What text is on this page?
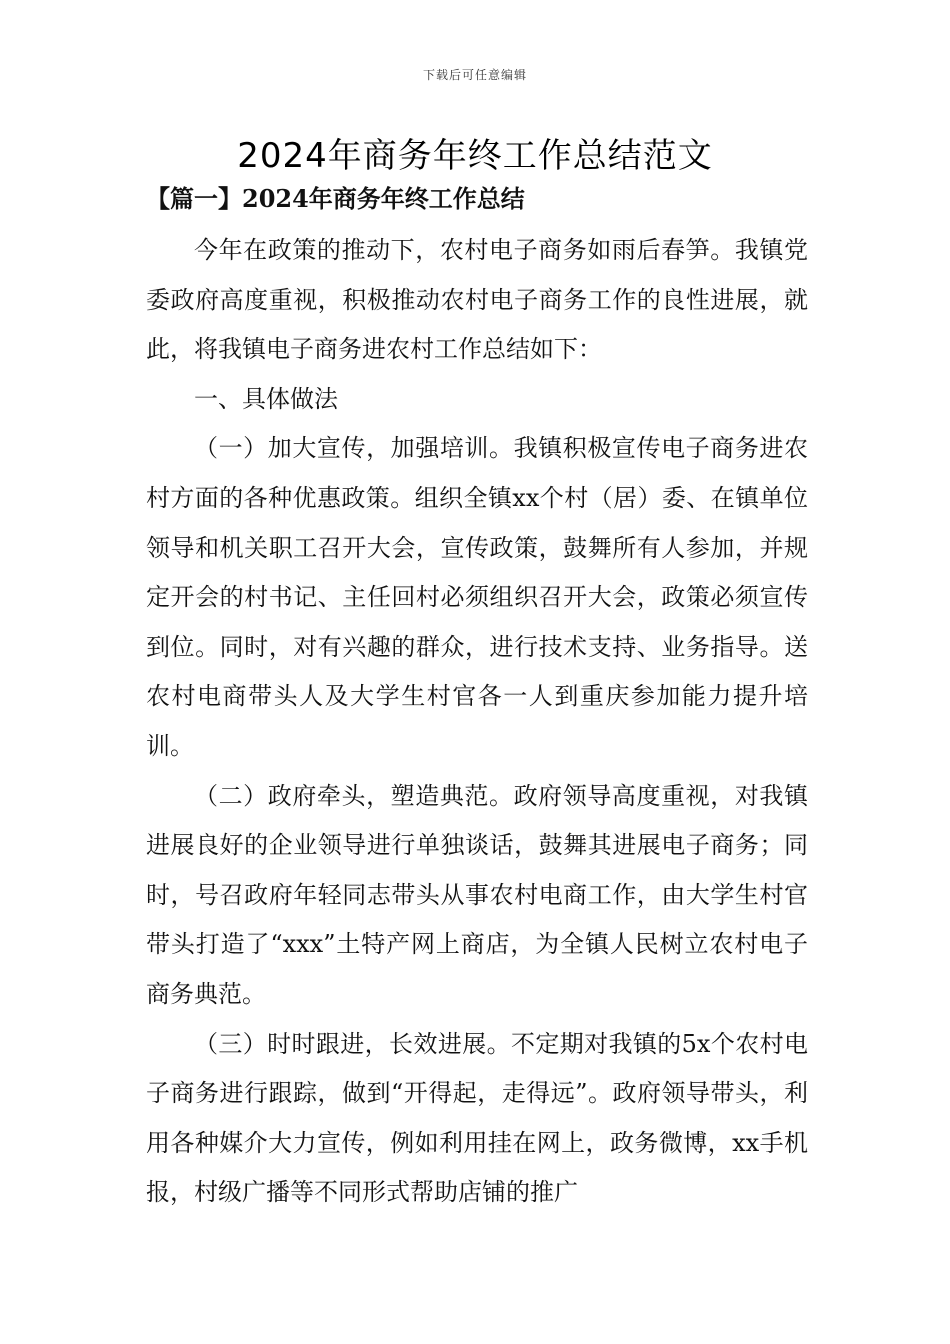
下载后可任意编辑
2024年商务年终工作总结范文
【篇一】2024年商务年终工作总结

今年在政策的推动下，农村电子商务如雨后春笋。我镇党委政府高度重视，积极推动农村电子商务工作的良性进展，就此，将我镇电子商务进农村工作总结如下：

一、具体做法

（一）加大宣传，加强培训。我镇积极宣传电子商务进农村方面的各种优惠政策。组织全镇xx个村（居）委、在镇单位领导和机关职工召开大会，宣传政策，鼓舞所有人参加，并规定开会的村书记、主任回村必须组织召开大会，政策必须宣传到位。同时，对有兴趣的群众，进行技术支持、业务指导。送农村电商带头人及大学生村官各一人到重庆参加能力提升培训。

（二）政府牵头，塑造典范。政府领导高度重视，对我镇进展良好的企业领导进行单独谈话，鼓舞其进展电子商务；同时，号召政府年轻同志带头从事农村电商工作，由大学生村官带头打造了“xxx”土特产网上商店，为全镇人民树立农村电子商务典范。

（三）时时跟进，长效进展。不定期对我镇的5x个农村电子商务进行跟踪，做到“开得起，走得远”。政府领导带头，利用各种媒介大力宣传，例如利用挂在网上，政务微博，xx手机报，村级广播等不同形式帮助店铺的推广
